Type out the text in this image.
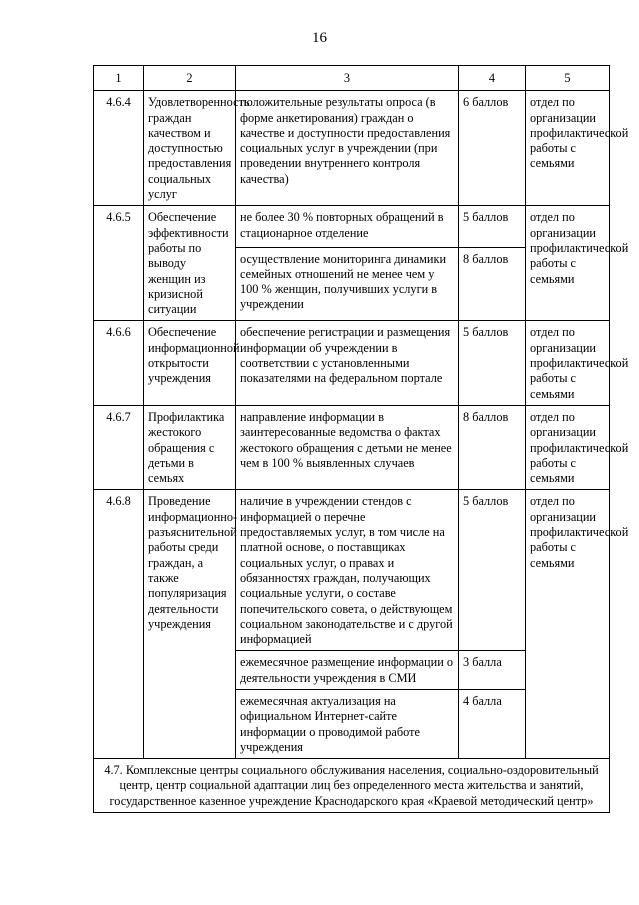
16
1	2	3	4	5
4.6.4	Удовлетворенность граждан качеством и доступностью предоставления социальных услуг	положительные результаты опроса (в форме анкетирования) граждан о качестве и доступности предоставления социальных услуг в учреждении (при проведении внутреннего контроля качества)	6 баллов	отдел по организации профилактической работы с семьями
4.6.5	Обеспечение эффективности работы по выводу женщин из кризисной ситуации	не более 30 % повторных обращений в стационарное отделение	5 баллов	отдел по организации профилактической работы с семьями
		осуществление мониторинга динамики семейных отношений не менее чем у 100 % женщин, получивших услуги в учреждении	8 баллов	
4.6.6	Обеспечение информационной открытости учреждения	обеспечение регистрации и размещения информации об учреждении в соответствии с установленными показателями на федеральном портале	5 баллов	отдел по организации профилактической работы с семьями
4.6.7	Профилактика жестокого обращения с детьми в семьях	направление информации в заинтересованные ведомства о фактах жестокого обращения с детьми не менее чем в 100 % выявленных случаев	8 баллов	отдел по организации профилактической работы с семьями
4.6.8	Проведение информационно-разъяснительной работы среди граждан, а также популяризация деятельности учреждения	наличие в учреждении стендов с информацией о перечне предоставляемых услуг, в том числе на платной основе, о поставщиках социальных услуг, о правах и обязанностях граждан, получающих социальные услуги, о составе попечительского совета, о действующем социальном законодательстве и с другой информацией	5 баллов	отдел по организации профилактической работы с семьями
		ежемесячное размещение информации о деятельности учреждения в СМИ	3 балла	
		ежемесячная актуализация на официальном Интернет-сайте информации о проводимой работе учреждения	4 балла	
4.7. Комплексные центры социального обслуживания населения, социально-оздоровительный центр, центр социальной адаптации лиц без определенного места жительства и занятий, государственное казенное учреждение Краснодарского края «Краевой методический центр»				
